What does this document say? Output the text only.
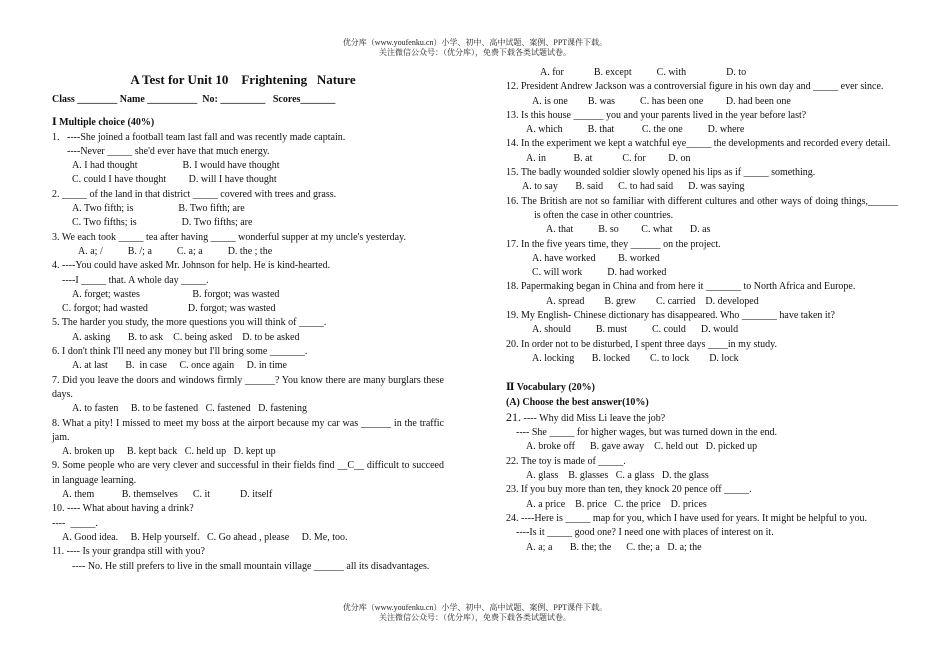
优分库（www.youfenku.cn）小学、初中、高中试题、案例、PPT课件下载。
关注微信公众号：（优分库），免费下载各类试题试卷。
A Test for Unit 10    Frightening   Nature
Class ________ Name __________  No: _________   Scores_______
Ⅰ Multiple choice (40%)
1.   ----She joined a football team last fall and was recently made captain.
----Never _____ she'd ever have that much energy.
A. I had thought                  B. I would have thought
C. could I have thought         D. will I have thought
2. _____ of the land in that district _____ covered with trees and grass.
A. Two fifth; is                  B. Two fifth; are
C. Two fifths; is                  D. Two fifths; are
3. We each took _____ tea after having _____ wonderful supper at my uncle's yesterday.
A. a; /          B. /; a          C. a; a          D. the ; the
4. ----You could have asked Mr. Johnson for help. He is kind-hearted.
----I _____ that. A whole day _____.
A. forget; wastes                     B. forgot; was wasted
C. forgot; had wasted                D. forgot; was wasted
5. The harder you study, the more questions you will think of _____.
A. asking       B. to ask    C. being asked    D. to be asked
6. I don't think I'll need any money but I'll bring some _______.
A. at last       B.  in case     C. once again     D. in time
7. Did you leave the doors and windows firmly ______? You know there are many burglars these days.
A. to fasten     B. to be fastened   C. fastened   D. fastening
8. What a pity! I missed to meet my boss at the airport because my car was ______ in the traffic jam.
A. broken up     B. kept back   C. held up   D. kept up
9. Some people who are very clever and successful in their fields find __C__ difficult to succeed in language learning.
A. them           B. themselves      C. it            D. itself
10. ---- What about having a drink?
----  _____.
A. Good idea.     B. Help yourself.   C. Go ahead , please     D. Me, too.
11. ---- Is your grandpa still with you?
---- No. He still prefers to live in the small mountain village ______ all its disadvantages.
A. for            B. except          C. with                D. to
12. President Andrew Jackson was a controversial figure in his own day and _____ ever since.
A. is one        B. was          C. has been one         D. had been one
13. Is this house ______ you and your parents lived in the year before last?
A. which          B. that           C. the one          D. where
14. In the experiment we kept a watchful eye_____ the developments and recorded every detail.
A. in           B. at            C. for         D. on
15. The badly wounded soldier slowly opened his lips as if _____ something.
A. to say       B. said      C. to had said      D. was saying
16. The British are not so familiar with different cultures and other ways of doing things,______ is often the case in other countries.
A. that          B. so         C. what       D. as
17. In the five years time, they ______ on the project.
A. have worked         B. worked
C. will work          D. had worked
18. Papermaking began in China and from here it _______ to North Africa and Europe.
A. spread        B. grew        C. carried    D. developed
19. My English- Chinese dictionary has disappeared. Who _______ have taken it?
A. should          B. must          C. could      D. would
20. In order not to be disturbed, I spent three days ____in my study.
A. locking       B. locked        C. to lock        D. lock
Ⅱ Vocabulary (20%)
(A) Choose the best answer(10%)
21. ---- Why did Miss Li leave the job?
---- She _____ for higher wages, but was turned down in the end.
A. broke off      B. gave away    C. held out   D. picked up
22. The toy is made of _____.
A. glass    B. glasses   C. a glass   D. the glass
23. If you buy more than ten, they knock 20 pence off _____.
A. a price    B. price   C. the price    D. prices
24. ----Here is _____ map for you, which I have used for years. It might be helpful to you.
----Is it _____ good one? I need one with places of interest on it.
A. a; a       B. the; the      C. the; a   D. a; the
优分库（www.youfenku.cn）小学、初中、高中试题、案例、PPT课件下载。
关注微信公众号：（优分库），免费下载各类试题试卷。
